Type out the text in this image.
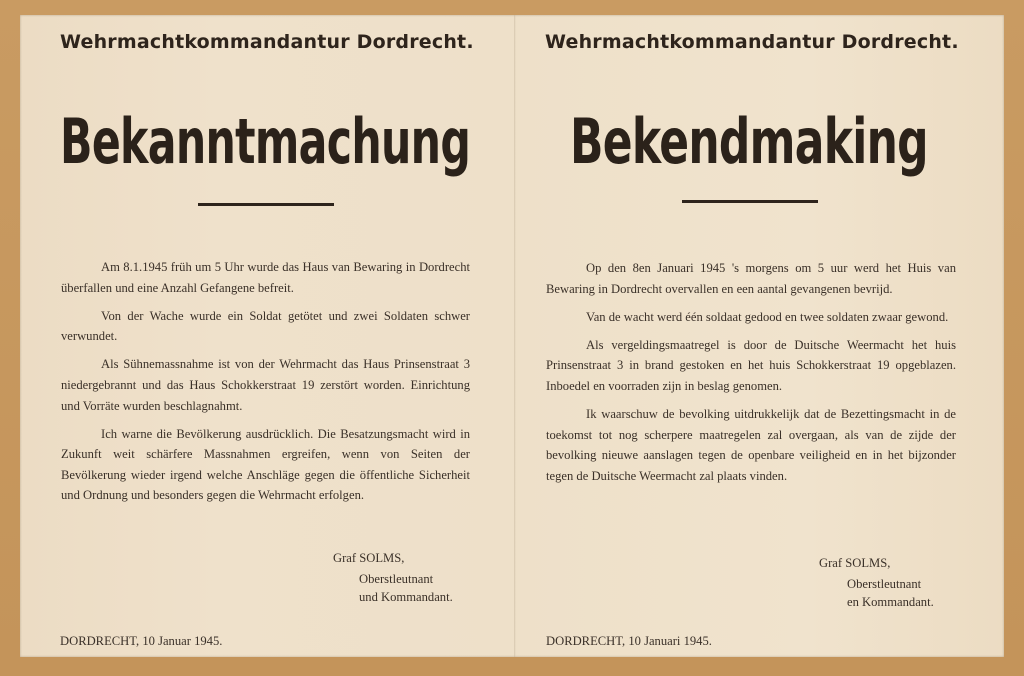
Wehrmachtkommandantur Dordrecht.
Bekanntmachung

Am 8.1.1945 früh um 5 Uhr wurde das Haus van Bewaring in Dordrecht überfallen und eine Anzahl Gefangene befreit.

Von der Wache wurde ein Soldat getötet und zwei Soldaten schwer verwundet.

Als Sühnemassnahme ist von der Wehrmacht das Haus Prinsenstraat 3 niedergebrannt und das Haus Schokkerstraat 19 zerstört worden. Einrichtung und Vorräte wurden beschlagnahmt.

Ich warne die Bevölkerung ausdrücklich. Die Besatzungsmacht wird in Zukunft weit schärfere Massnahmen ergreifen, wenn von Seiten der Bevölkerung wieder irgend welche Anschläge gegen die öffentliche Sicherheit und Ordnung und besonders gegen die Wehrmacht erfolgen.

Graf SOLMS,
Oberstleutnant
und Kommandant.
DORDRECHT, 10 Januar 1945.
Wehrmachtkommandantur Dordrecht.
Bekendmaking

Op den 8en Januari 1945 's morgens om 5 uur werd het Huis van Bewaring in Dordrecht overvallen en een aantal gevangenen bevrijd.

Van de wacht werd één soldaat gedood en twee soldaten zwaar gewond.

Als vergeldingsmaatregel is door de Duitsche Weermacht het huis Prinsenstraat 3 in brand gestoken en het huis Schokkerstraat 19 opgeblazen. Inboedel en voorraden zijn in beslag genomen.

Ik waarschuw de bevolking uitdrukkelijk dat de Bezettingsmacht in de toekomst tot nog scherpere maatregelen zal overgaan, als van de zijde der bevolking nieuwe aanslagen tegen de openbare veiligheid en in het bijzonder tegen de Duitsche Weermacht zal plaats vinden.

Graf SOLMS,
Oberstleutnant
en Kommandant.
DORDRECHT, 10 Januari 1945.
